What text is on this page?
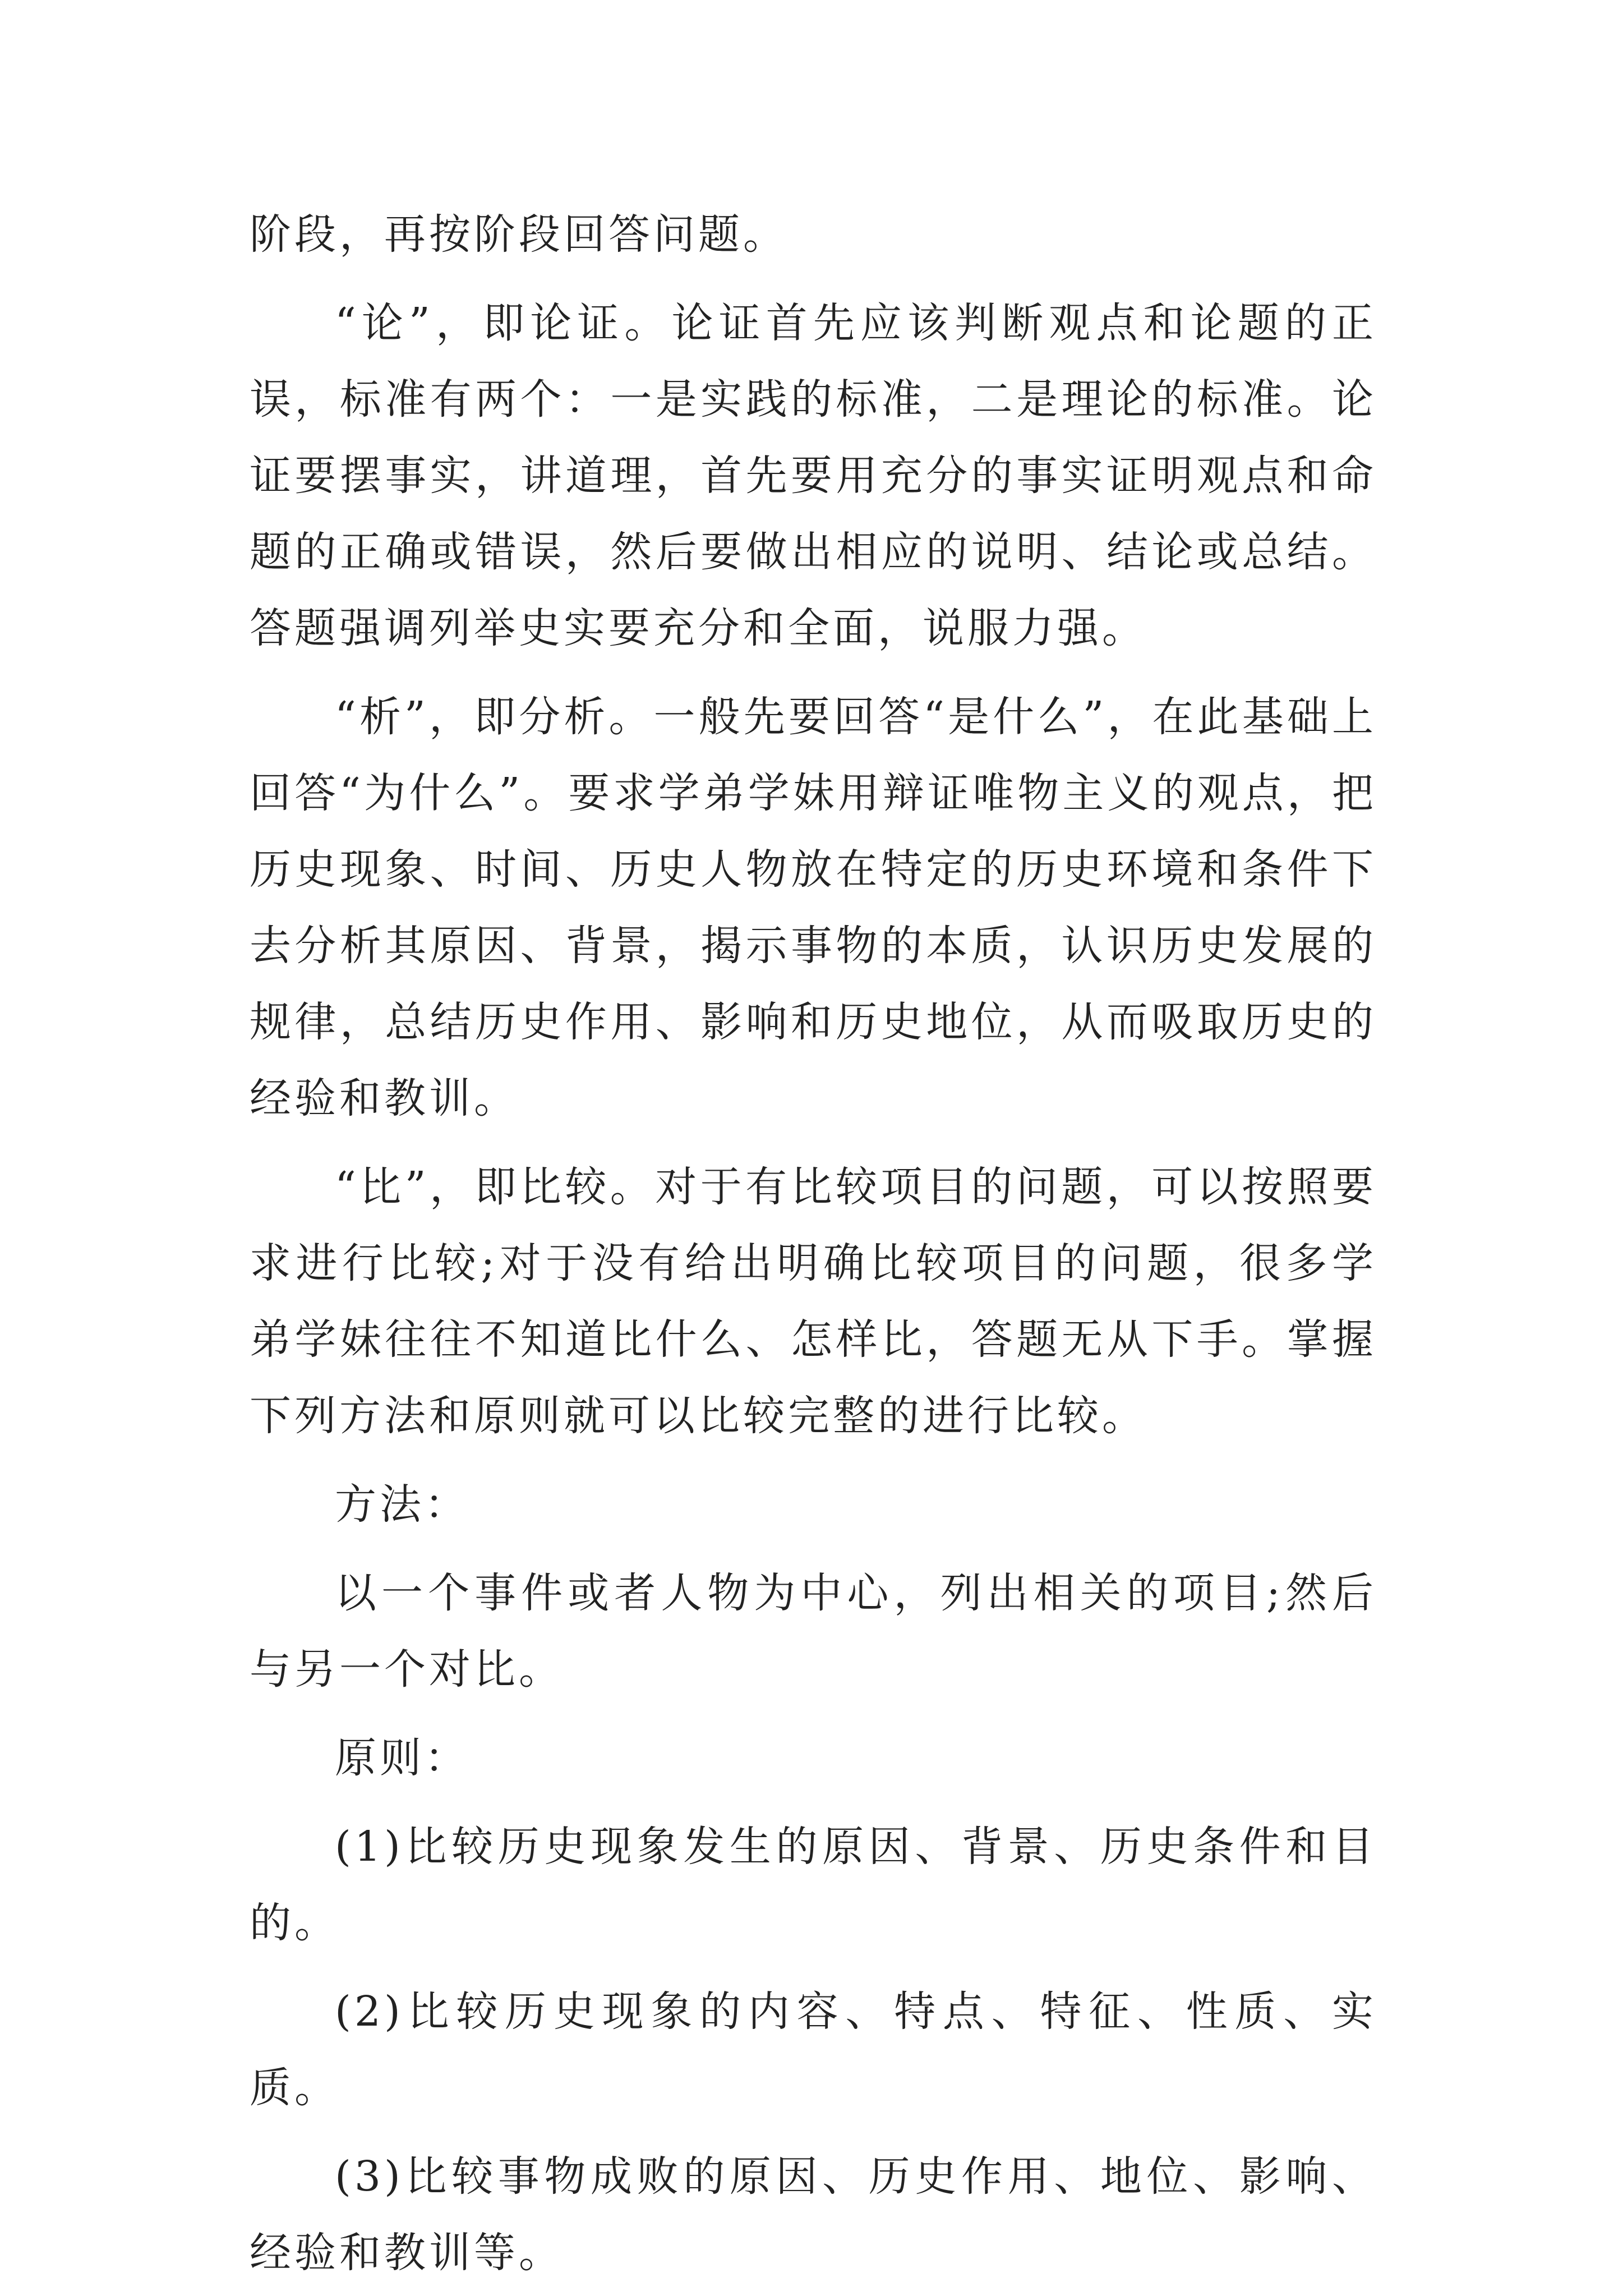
阶段，再按阶段回答问题。

“论”，即论证。论证首先应该判断观点和论题的正误，标准有两个：一是实践的标准，二是理论的标准。论证要摆事实，讲道理，首先要用充分的事实证明观点和命题的正确或错误，然后要做出相应的说明、结论或总结。答题强调列举史实要充分和全面，说服力强。

“析”，即分析。一般先要回答“是什么”，在此基础上回答“为什么”。要求学弟学妹用辩证唯物主义的观点，把历史现象、时间、历史人物放在特定的历史环境和条件下去分析其原因、背景，揭示事物的本质，认识历史发展的规律，总结历史作用、影响和历史地位，从而吸取历史的经验和教训。

“比”，即比较。对于有比较项目的问题，可以按照要求进行比较;对于没有给出明确比较项目的问题，很多学弟学妹往往不知道比什么、怎样比，答题无从下手。掌握下列方法和原则就可以比较完整的进行比较。

方法：

以一个事件或者人物为中心，列出相关的项目;然后与另一个对比。

原则：

(1)比较历史现象发生的原因、背景、历史条件和目的。

(2)比较历史现象的内容、特点、特征、性质、实质。

(3)比较事物成败的原因、历史作用、地位、影响、经验和教训等。
